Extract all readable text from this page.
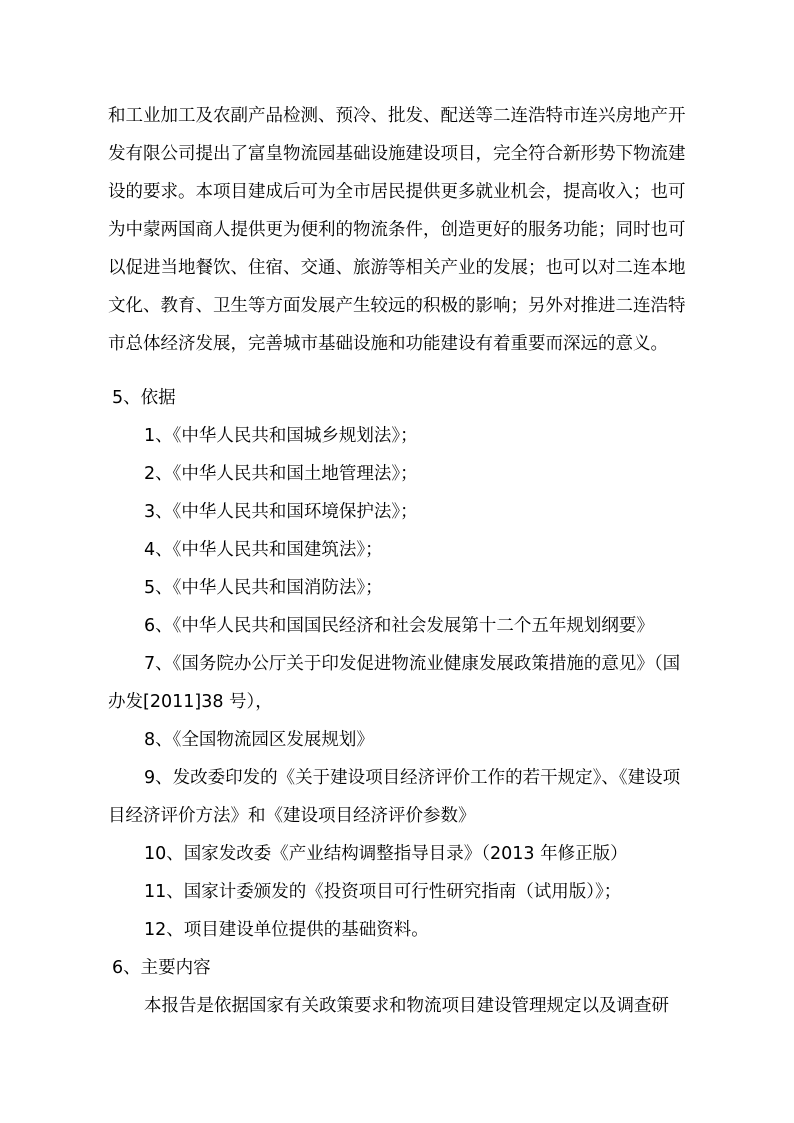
和工业加工及农副产品检测、预冷、批发、配送等二连浩特市连兴房地产开
发有限公司提出了富皇物流园基础设施建设项目，完全符合新形势下物流建
设的要求。本项目建成后可为全市居民提供更多就业机会，提高收入；也可
为中蒙两国商人提供更为便利的物流条件，创造更好的服务功能；同时也可
以促进当地餐饮、住宿、交通、旅游等相关产业的发展；也可以对二连本地
文化、教育、卫生等方面发展产生较远的积极的影响；另外对推进二连浩特
市总体经济发展，完善城市基础设施和功能建设有着重要而深远的意义。
5、依据
1、《中华人民共和国城乡规划法》；
2、《中华人民共和国土地管理法》；
3、《中华人民共和国环境保护法》；
4、《中华人民共和国建筑法》；
5、《中华人民共和国消防法》；
6、《中华人民共和国国民经济和社会发展第十二个五年规划纲要》
7、《国务院办公厅关于印发促进物流业健康发展政策措施的意见》（国
办发[2011]38 号），
8、《全国物流园区发展规划》
9、发改委印发的《关于建设项目经济评价工作的若干规定》、《建设项
目经济评价方法》和《建设项目经济评价参数》
10、国家发改委《产业结构调整指导目录》（2013 年修正版）
11、国家计委颁发的《投资项目可行性研究指南（试用版）》；
12、项目建设单位提供的基础资料。
6、主要内容
本报告是依据国家有关政策要求和物流项目建设管理规定以及调查研
